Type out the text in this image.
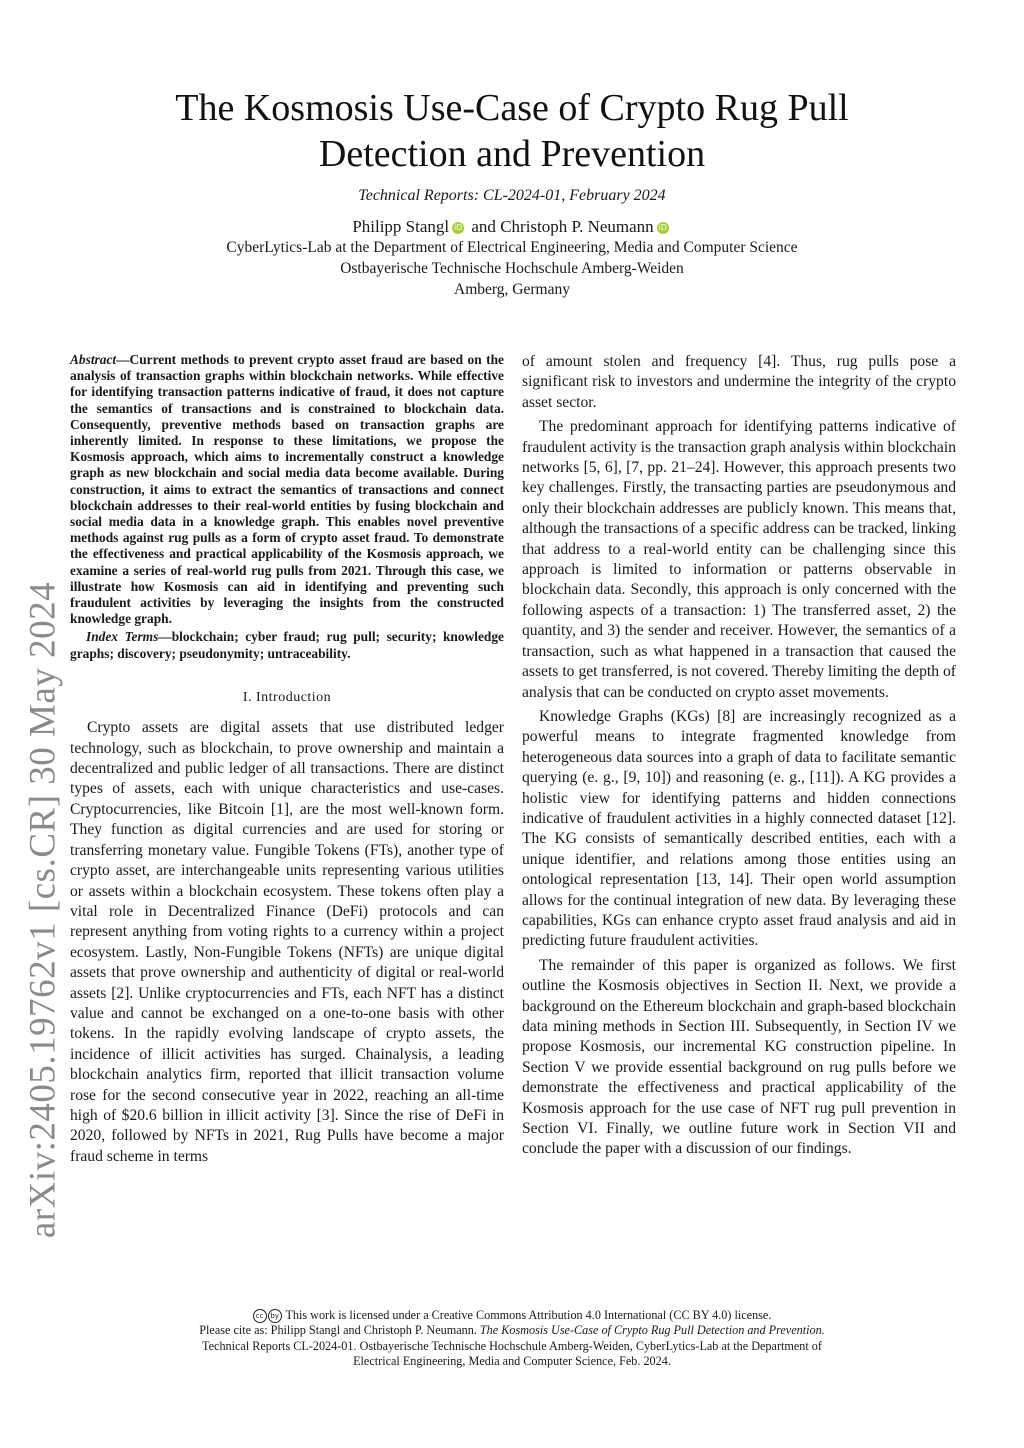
arXiv:2405.19762v1 [cs.CR] 30 May 2024
The Kosmosis Use-Case of Crypto Rug Pull Detection and Prevention
Technical Reports: CL-2024-01, February 2024
Philipp Stangl iD and Christoph P. Neumann iD
CyberLytics-Lab at the Department of Electrical Engineering, Media and Computer Science
Ostbayerische Technische Hochschule Amberg-Weiden
Amberg, Germany

Abstract—Current methods to prevent crypto asset fraud are based on the analysis of transaction graphs within blockchain networks. While effective for identifying transaction patterns indicative of fraud, it does not capture the semantics of transactions and is constrained to blockchain data. Consequently, preventive methods based on transaction graphs are inherently limited. In response to these limitations, we propose the Kosmosis approach, which aims to incrementally construct a knowledge graph as new blockchain and social media data become available. During construction, it aims to extract the semantics of transactions and connect blockchain addresses to their real-world entities by fusing blockchain and social media data in a knowledge graph. This enables novel preventive methods against rug pulls as a form of crypto asset fraud. To demonstrate the effectiveness and practical applicability of the Kosmosis approach, we examine a series of real-world rug pulls from 2021. Through this case, we illustrate how Kosmosis can aid in identifying and preventing such fraudulent activities by leveraging the insights from the constructed knowledge graph.

Index Terms—blockchain; cyber fraud; rug pull; security; knowledge graphs; discovery; pseudonymity; untraceability.

I. Introduction

Crypto assets are digital assets that use distributed ledger technology, such as blockchain, to prove ownership and maintain a decentralized and public ledger of all transactions. There are distinct types of assets, each with unique characteristics and use-cases. Cryptocurrencies, like Bitcoin [1], are the most well-known form. They function as digital currencies and are used for storing or transferring monetary value. Fungible Tokens (FTs), another type of crypto asset, are interchangeable units representing various utilities or assets within a blockchain ecosystem. These tokens often play a vital role in Decentralized Finance (DeFi) protocols and can represent anything from voting rights to a currency within a project ecosystem. Lastly, Non-Fungible Tokens (NFTs) are unique digital assets that prove ownership and authenticity of digital or real-world assets [2]. Unlike cryptocurrencies and FTs, each NFT has a distinct value and cannot be exchanged on a one-to-one basis with other tokens. In the rapidly evolving landscape of crypto assets, the incidence of illicit activities has surged. Chainalysis, a leading blockchain analytics firm, reported that illicit transaction volume rose for the second consecutive year in 2022, reaching an all-time high of $20.6 billion in illicit activity [3]. Since the rise of DeFi in 2020, followed by NFTs in 2021, Rug Pulls have become a major fraud scheme in terms

of amount stolen and frequency [4]. Thus, rug pulls pose a significant risk to investors and undermine the integrity of the crypto asset sector.

The predominant approach for identifying patterns indicative of fraudulent activity is the transaction graph analysis within blockchain networks [5, 6], [7, pp. 21–24]. However, this approach presents two key challenges. Firstly, the transacting parties are pseudonymous and only their blockchain addresses are publicly known. This means that, although the transactions of a specific address can be tracked, linking that address to a real-world entity can be challenging since this approach is limited to information or patterns observable in blockchain data. Secondly, this approach is only concerned with the following aspects of a transaction: 1) The transferred asset, 2) the quantity, and 3) the sender and receiver. However, the semantics of a transaction, such as what happened in a transaction that caused the assets to get transferred, is not covered. Thereby limiting the depth of analysis that can be conducted on crypto asset movements.

Knowledge Graphs (KGs) [8] are increasingly recognized as a powerful means to integrate fragmented knowledge from heterogeneous data sources into a graph of data to facilitate semantic querying (e. g., [9, 10]) and reasoning (e. g., [11]). A KG provides a holistic view for identifying patterns and hidden connections indicative of fraudulent activities in a highly connected dataset [12]. The KG consists of semantically described entities, each with a unique identifier, and relations among those entities using an ontological representation [13, 14]. Their open world assumption allows for the continual integration of new data. By leveraging these capabilities, KGs can enhance crypto asset fraud analysis and aid in predicting future fraudulent activities.

The remainder of this paper is organized as follows. We first outline the Kosmosis objectives in Section II. Next, we provide a background on the Ethereum blockchain and graph-based blockchain data mining methods in Section III. Subsequently, in Section IV we propose Kosmosis, our incremental KG construction pipeline. In Section V we provide essential background on rug pulls before we demonstrate the effectiveness and practical applicability of the Kosmosis approach for the use case of NFT rug pull prevention in Section VI. Finally, we outline future work in Section VII and conclude the paper with a discussion of our findings.

cc by This work is licensed under a Creative Commons Attribution 4.0 International (CC BY 4.0) license.
Please cite as: Philipp Stangl and Christoph P. Neumann. The Kosmosis Use-Case of Crypto Rug Pull Detection and Prevention.
Technical Reports CL-2024-01. Ostbayerische Technische Hochschule Amberg-Weiden, CyberLytics-Lab at the Department of
Electrical Engineering, Media and Computer Science, Feb. 2024.
